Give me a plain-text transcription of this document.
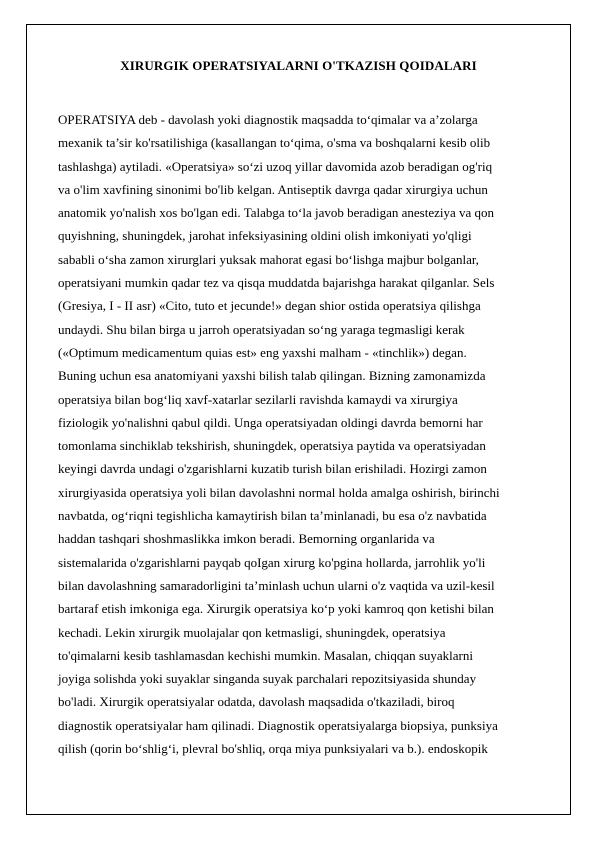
XIRURGIK OPERATSIYALARNI O'TKAZISH QOIDALARI
OPERATSIYA deb - davolash yoki diagnostik maqsadda to‘qimalar va a’zolarga
mexanik ta’sir ko'rsatilishiga (kasallangan to‘qima, o'sma va boshqalarni kesib olib
tashlashga) aytiladi. «Operatsiya» so‘zi uzoq yillar davomida azob beradigan og'riq
va o'lim xavfining sinonimi bo'lib kelgan. Antiseptik davrga qadar xirurgiya uchun
anatomik yo'nalish xos bo'lgan edi. Talabga to‘la javob beradigan anesteziya va qon
quyishning, shuningdek, jarohat infeksiyasining oldini olish imkoniyati yo'qligi
sababli o‘sha zamon xirurglari yuksak mahorat egasi bo‘lishga majbur bolganlar,
operatsiyani mumkin qadar tez va qisqa muddatda bajarishga harakat qilganlar. Sels
(Gresiya, I - II asr) «Cito, tuto et jecunde!» degan shior ostida operatsiya qilishga
undaydi. Shu bilan birga u jarroh operatsiyadan so‘ng yaraga tegmasligi kerak
(«Optimum medicamentum quias est» eng yaxshi malham - «tinchlik») degan.
Buning uchun esa anatomiyani yaxshi bilish talab qilingan. Bizning zamonamizda
operatsiya bilan bog‘liq xavf-xatarlar sezilarli ravishda kamaydi va xirurgiya
fiziologik yo'nalishni qabul qildi. Unga operatsiyadan oldingi davrda bemorni har
tomonlama sinchiklab tekshirish, shuningdek, operatsiya paytida va operatsiyadan
keyingi davrda undagi o'zgarishlarni kuzatib turish bilan erishiladi. Hozirgi zamon
xirurgiyasida operatsiya yoli bilan davolashni normal holda amalga oshirish, birinchi
navbatda, og‘riqni tegishlicha kamaytirish bilan ta’minlanadi, bu esa o'z navbatida
haddan tashqari shoshmaslikka imkon beradi. Bemorning organlarida va
sistemalarida o'zgarishlarni payqab qoIgan xirurg ko'pgina hollarda, jarrohlik yo'li
bilan davolashning samaradorligini ta’minlash uchun ularni o'z vaqtida va uzil-kesil
bartaraf etish imkoniga ega. Xirurgik operatsiya ko‘p yoki kamroq qon ketishi bilan
kechadi. Lekin xirurgik muolajalar qon ketmasligi, shuningdek, operatsiya
to'qimalarni kesib tashlamasdan kechishi mumkin. Masalan, chiqqan suyaklarni
joyiga solishda yoki suyaklar singanda suyak parchalari repozitsiyasida shunday
bo'ladi. Xirurgik operatsiyalar odatda, davolash maqsadida o'tkaziladi, biroq
diagnostik operatsiyalar ham qilinadi. Diagnostik operatsiyalarga biopsiya, punksiya
qilish (qorin bo‘shlig‘i, plevral bo'shliq, orqa miya punksiyalari va b.). endoskopik
